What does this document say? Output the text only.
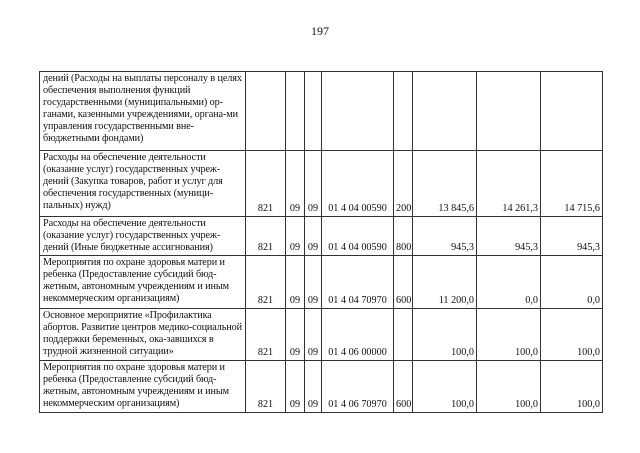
197
дений (Расходы на выплаты персоналу в целях обеспечения выполнения функций государственными (муниципальными) ор-ганами, казенными учреждениями, органа-ми управления государственными вне-бюджетными фондами)								
Расходы на обеспечение деятельности (оказание услуг) государственных учреж-дений (Закупка товаров, работ и услуг для обеспечения государственных (муници-пальных) нужд)	821	09	09	01 4 04 00590	200	13 845,6	14 261,3	14 715,6
Расходы на обеспечение деятельности (оказание услуг) государственных учреж-дений (Иные бюджетные ассигнования)	821	09	09	01 4 04 00590	800	945,3	945,3	945,3
Мероприятия по охране здоровья матери и ребенка (Предоставление субсидий бюд-жетным, автономным учреждениям и иным некоммерческим организациям)	821	09	09	01 4 04 70970	600	11 200,0	0,0	0,0
Основное мероприятие «Профилактика абортов. Развитие центров медико-социальной поддержки беременных, ока-завшихся в трудной жизненной ситуации»	821	09	09	01 4 06 00000		100,0	100,0	100,0
Мероприятия по охране здоровья матери и ребенка (Предоставление субсидий бюд-жетным, автономным учреждениям и иным некоммерческим организациям)	821	09	09	01 4 06 70970	600	100,0	100,0	100,0
